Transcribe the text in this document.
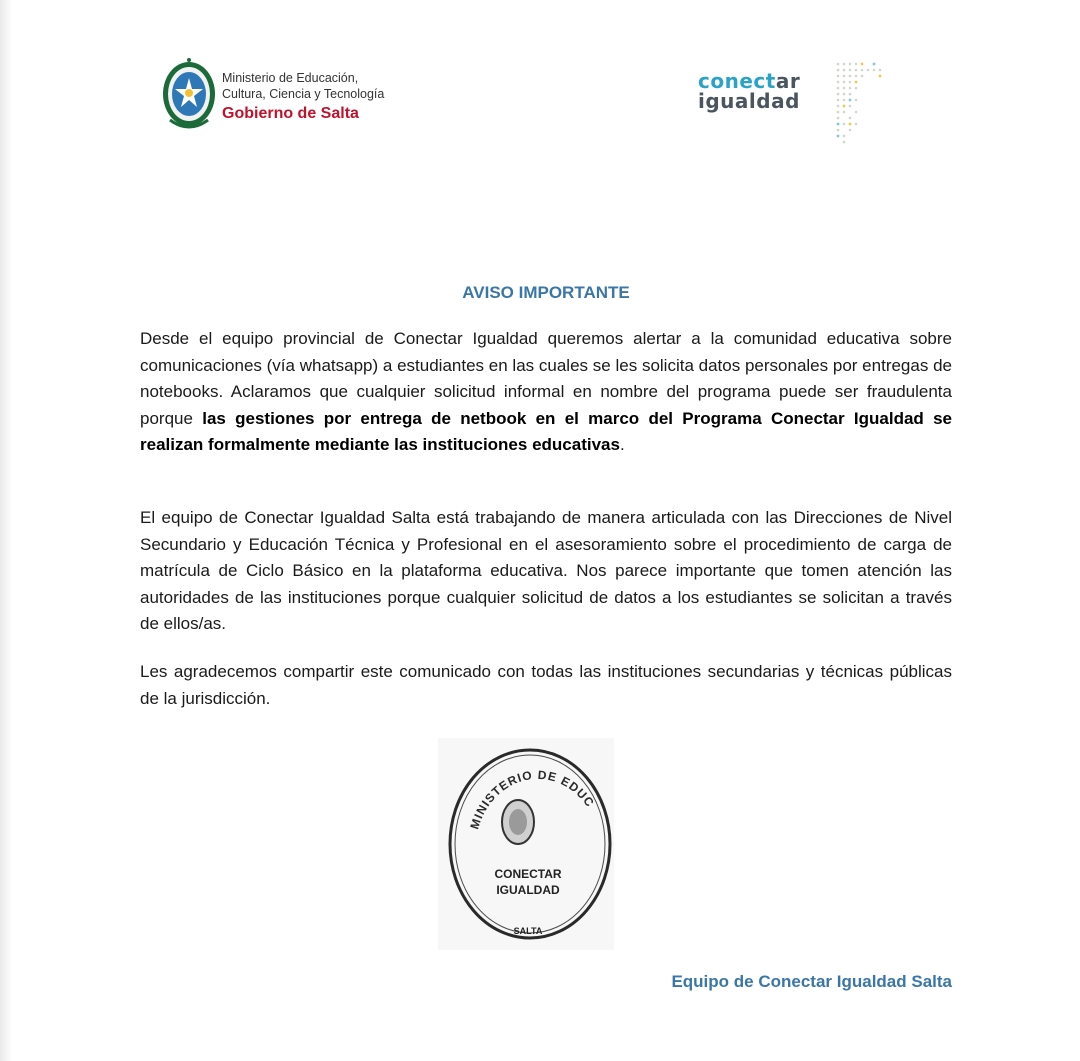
Ministerio de Educación,
Cultura, Ciencia y Tecnología
Gobierno de Salta
conectar
igualdad
AVISO IMPORTANTE
Desde el equipo provincial de Conectar Igualdad queremos alertar a la comunidad educativa sobre comunicaciones (vía whatsapp) a estudiantes en las cuales se les solicita datos personales por entregas de notebooks. Aclaramos que cualquier solicitud informal en nombre del programa puede ser fraudulenta porque las gestiones por entrega de netbook en el marco del Programa Conectar Igualdad se realizan formalmente mediante las instituciones educativas.
El equipo de Conectar Igualdad Salta está trabajando de manera articulada con las Direcciones de Nivel Secundario y Educación Técnica y Profesional en el asesoramiento sobre el procedimiento de carga de matrícula de Ciclo Básico en la plataforma educativa. Nos parece importante que tomen atención las autoridades de las instituciones porque cualquier solicitud de datos a los estudiantes se solicitan a través de ellos/as.
Les agradecemos compartir este comunicado con todas las instituciones secundarias y técnicas públicas de la jurisdicción.
MINISTERIO DE EDUC
CONECTAR
IGUALDAD
SALTA
Equipo de Conectar Igualdad Salta
